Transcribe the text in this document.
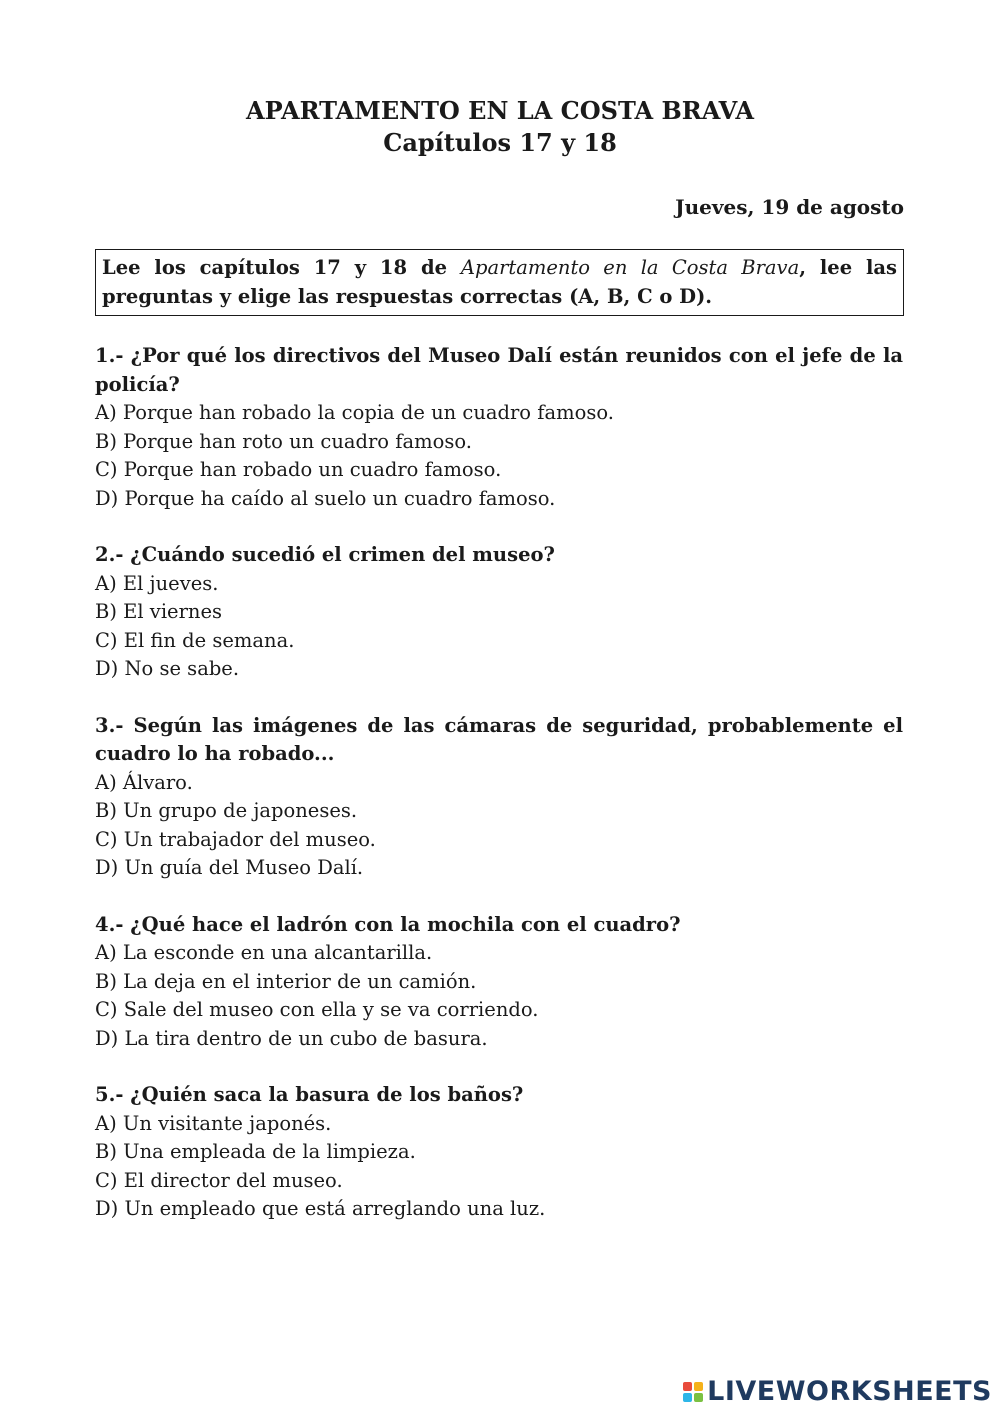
APARTAMENTO EN LA COSTA BRAVA
Capítulos 17 y 18
Jueves, 19 de agosto
Lee los capítulos 17 y 18 de Apartamento en la Costa Brava, lee las preguntas y elige las respuestas correctas (A, B, C o D).

1.- ¿Por qué los directivos del Museo Dalí están reunidos con el jefe de la policía?

A) Porque han robado la copia de un cuadro famoso.

B) Porque han roto un cuadro famoso.

C) Porque han robado un cuadro famoso.

D) Porque ha caído al suelo un cuadro famoso.

2.- ¿Cuándo sucedió el crimen del museo?

A) El jueves.

B) El viernes

C) El fin de semana.

D) No se sabe.

3.- Según las imágenes de las cámaras de seguridad, probablemente el cuadro lo ha robado...

A) Álvaro.

B) Un grupo de japoneses.

C) Un trabajador del museo.

D) Un guía del Museo Dalí.

4.- ¿Qué hace el ladrón con la mochila con el cuadro?

A) La esconde en una alcantarilla.

B) La deja en el interior de un camión.

C) Sale del museo con ella y se va corriendo.

D) La tira dentro de un cubo de basura.

5.- ¿Quién saca la basura de los baños?

A) Un visitante japonés.

B) Una empleada de la limpieza.

C) El director del museo.

D) Un empleado que está arreglando una luz.

LIVEWORKSHEETS
